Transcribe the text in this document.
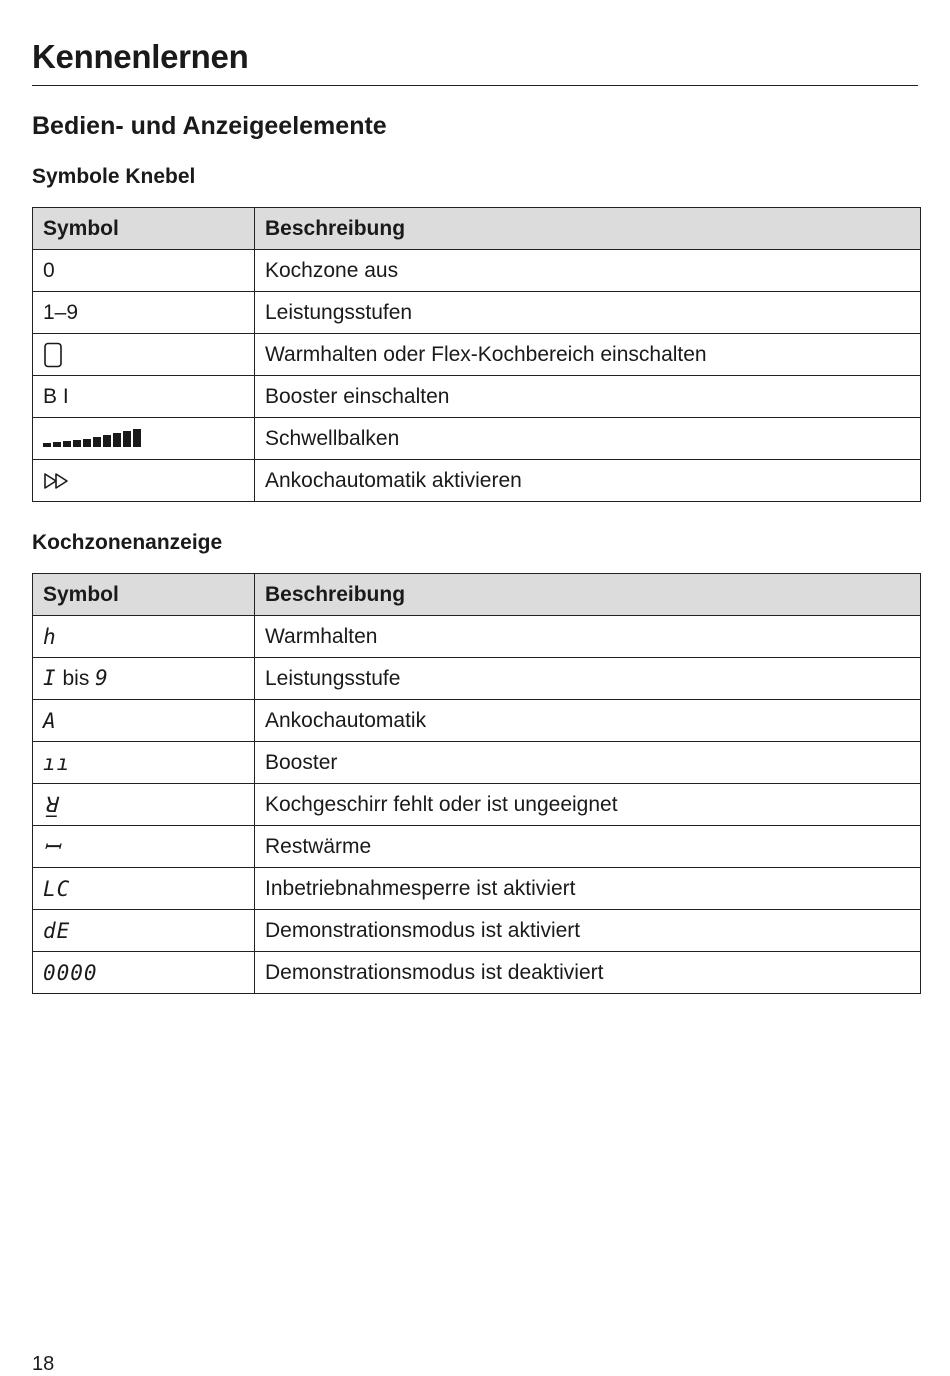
Kennenlernen
Bedien- und Anzeigeelemente
Symbole Knebel
Symbol	Beschreibung
0	Kochzone aus
1–9	Leistungsstufen
	Warmhalten oder Flex-Kochbereich einschalten
B I	Booster einschalten
	Schwellbalken
	Ankochautomatik aktivieren
Kochzonenanzeige
Symbol	Beschreibung
h	Warmhalten
I bis 9	Leistungsstufe
A	Ankochautomatik
ıı	Booster
ꓤ̲	Kochgeschirr fehlt oder ist ungeeignet
ꟷ	Restwärme
LC	Inbetriebnahmesperre ist aktiviert
dE	Demonstrationsmodus ist aktiviert
0000	Demonstrationsmodus ist deaktiviert
18
